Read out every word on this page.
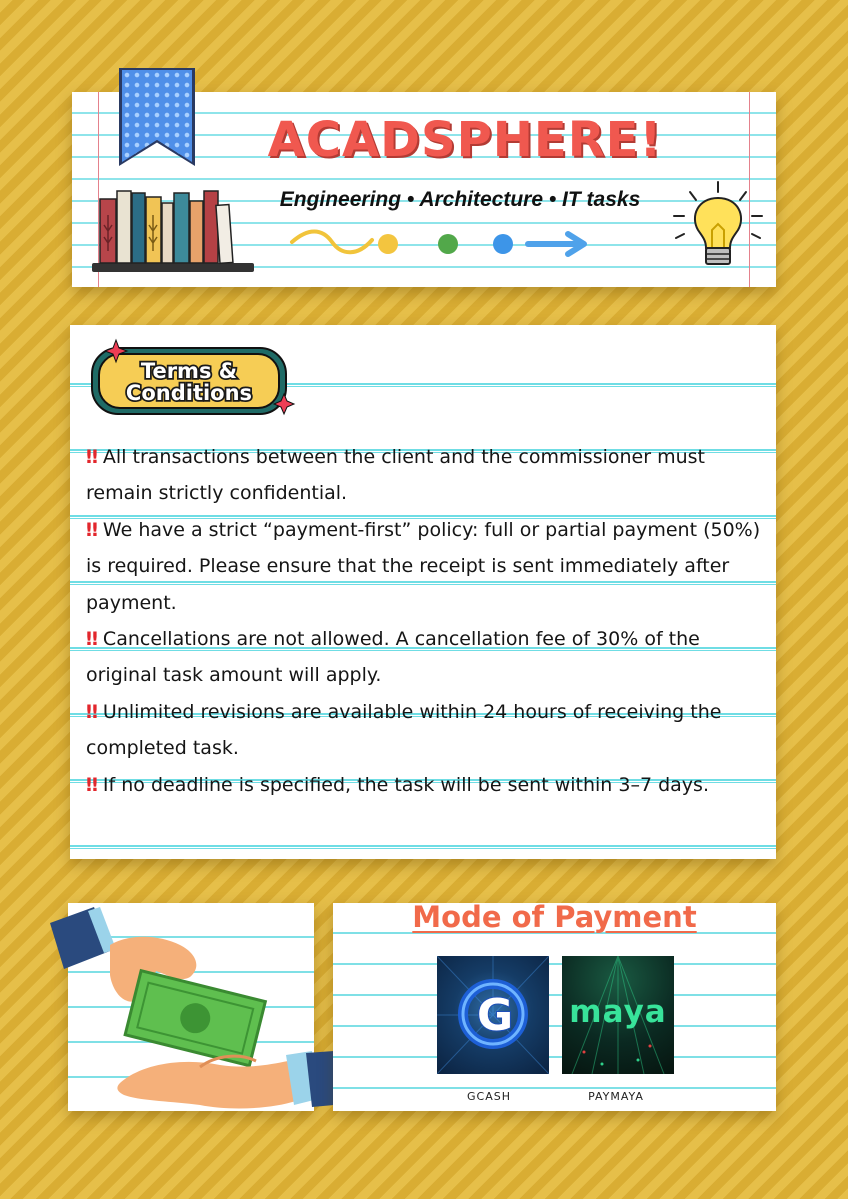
ACADSPHERE!
Engineering • Architecture • IT tasks
Terms &
Conditions
‼ All transactions between the client and the commissioner must remain strictly confidential.
‼ We have a strict “payment-first” policy: full or partial payment (50%) is required. Please ensure that the receipt is sent immediately after payment.
‼ Cancellations are not allowed. A cancellation fee of 30% of the original task amount will apply.
‼ Unlimited revisions are available within 24 hours of receiving the completed task.
‼ If no deadline is specified, the task will be sent within 3–7 days.
Mode of Payment
G maya
GCASH	PAYMAYA
